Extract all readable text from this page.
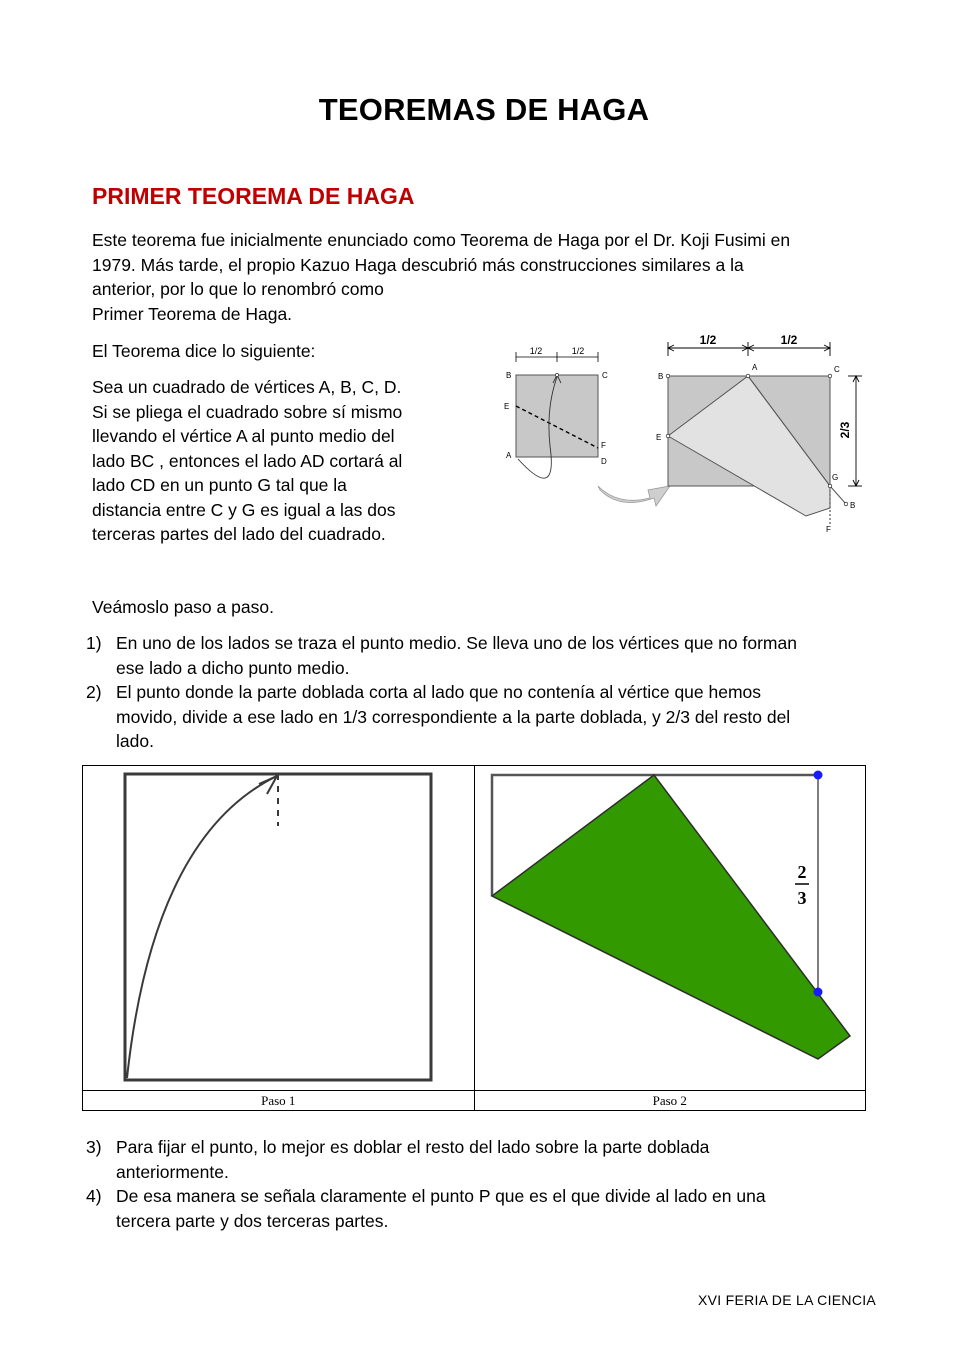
TEOREMAS DE HAGA
PRIMER TEOREMA DE HAGA

Este teorema fue inicialmente enunciado como Teorema de Haga por el Dr. Koji Fusimi en
1979. Más tarde, el propio Kazuo Haga descubrió más construcciones similares a la
anterior, por lo que lo renombró como
Primer Teorema de Haga.

El Teorema dice lo siguiente:

Sea un cuadrado de vértices A, B, C, D.
Si se pliega el cuadrado sobre sí mismo
llevando el vértice A al punto medio del
lado BC , entonces el lado AD cortará al
lado CD en un punto G tal que la
distancia entre C y G es igual a las dos
terceras partes del lado del cuadrado.

1/2	1/2
B	C
E
F
A
D
1/2	1/2
2/3
B
A	C
E
G
B
F

Veámoslo paso a paso.

1) En uno de los lados se traza el punto medio. Se lleva uno de los vértices que no forman
ese lado a dicho punto medio.
2) El punto donde la parte doblada corta al lado que no contenía al vértice que hemos
movido, divide a ese lado en 1/3 correspondiente a la parte doblada, y 2/3 del resto del
lado.

2
3

Paso 1	Paso 2
3) Para fijar el punto, lo mejor es doblar el resto del lado sobre la parte doblada
anteriormente.
4) De esa manera se señala claramente el punto P que es el que divide al lado en una
tercera parte y dos terceras partes.
XVI FERIA DE LA CIENCIA
